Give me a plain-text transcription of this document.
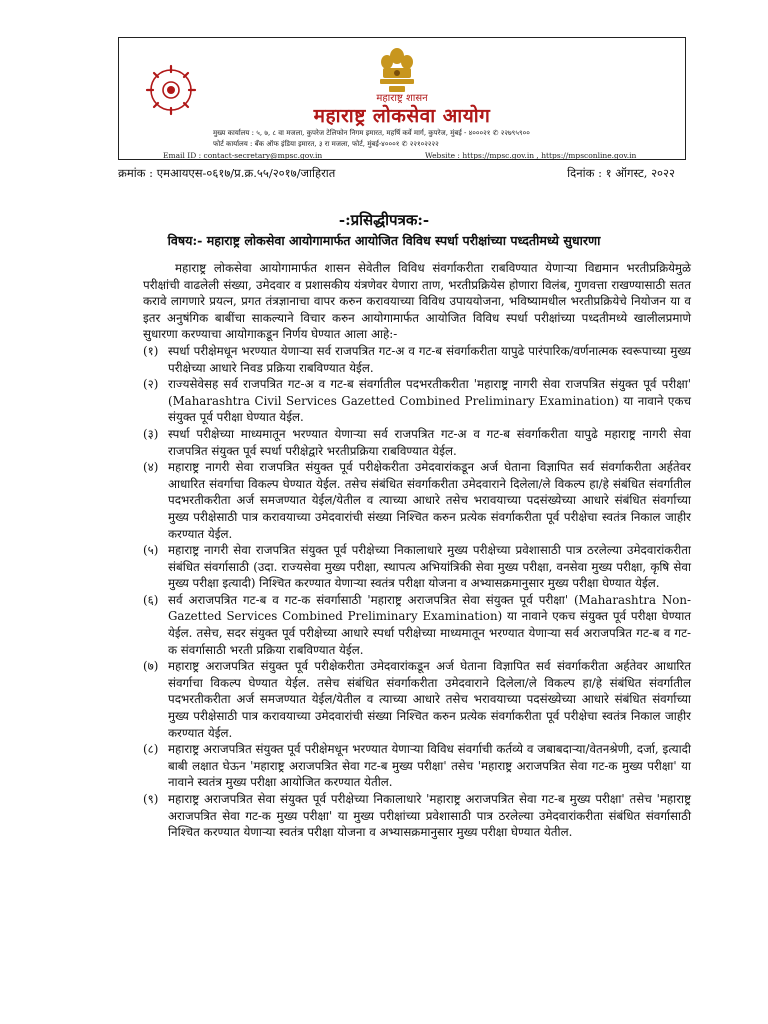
महाराष्ट्र शासन
महाराष्ट्र लोकसेवा आयोग
मुख्य कार्यालय : ५, ७, ८ वा मजला, कुपरेज टेलिफोन निगम इमारत, महर्षि कर्वे मार्ग, कुपरेज, मुंबई - ४०००२१ ✆ २२७९५९००
फोर्ट कार्यालय : बँक ऑफ इंडिया इमारत, ३ रा मजला, फोर्ट, मुंबई-४०००१ ✆ २२१०२२२२
Email ID : contact-secretary@mpsc.gov.in	Website : https://mpsc.gov.in , https://mpsconline.gov.in
क्रमांक : एमआयएस-०६१७/प्र.क्र.५५/२०१७/जाहिरात	दिनांक : १ ऑगस्ट, २०२२
-:प्रसिद्धीपत्रक:-
विषय:- महाराष्ट्र लोकसेवा आयोगामार्फत आयोजित विविध स्पर्धा परीक्षांच्या पध्दतीमध्ये सुधारणा

महाराष्ट्र लोकसेवा आयोगामार्फत शासन सेवेतील विविध संवर्गाकरीता राबविण्यात येणाऱ्या विद्यमान भरतीप्रक्रियेमुळे परीक्षांची वाढलेली संख्या, उमेदवार व प्रशासकीय यंत्रणेवर येणारा ताण, भरतीप्रक्रियेस होणारा विलंब, गुणवत्ता राखण्यासाठी सतत करावे लागणारे प्रयत्न, प्रगत तंत्रज्ञानाचा वापर करुन करावयाच्या विविध उपाययोजना, भविष्यामधील भरतीप्रक्रियेचे नियोजन या व इतर अनुषंगिक बाबींचा साकल्याने विचार करुन आयोगामार्फत आयोजित विविध स्पर्धा परीक्षांच्या पध्दतीमध्ये खालीलप्रमाणे सुधारणा करण्याचा आयोगाकडून निर्णय घेण्यात आला आहे:-

(१) स्पर्धा परीक्षेमधून भरण्यात येणाऱ्या सर्व राजपत्रित गट-अ व गट-ब संवर्गाकरीता यापुढे पारंपारिक/वर्णनात्मक स्वरूपाच्या मुख्य परीक्षेच्या आधारे निवड प्रक्रिया राबविण्यात येईल.

(२) राज्यसेवेसह सर्व राजपत्रित गट-अ व गट-ब संवर्गातील पदभरतीकरीता 'महाराष्ट्र नागरी सेवा राजपत्रित संयुक्त पूर्व परीक्षा' (Maharashtra Civil Services Gazetted Combined Preliminary Examination) या नावाने एकच संयुक्त पूर्व परीक्षा घेण्यात येईल.

(३) स्पर्धा परीक्षेच्या माध्यमातून भरण्यात येणाऱ्या सर्व राजपत्रित गट-अ व गट-ब संवर्गाकरीता यापुढे महाराष्ट्र नागरी सेवा राजपत्रित संयुक्त पूर्व स्पर्धा परीक्षेद्वारे भरतीप्रक्रिया राबविण्यात येईल.

(४) महाराष्ट्र नागरी सेवा राजपत्रित संयुक्त पूर्व परीक्षेकरीता उमेदवारांकडून अर्ज घेताना विज्ञापित सर्व संवर्गाकरीता अर्हतेवर आधारित संवर्गाचा विकल्प घेण्यात येईल. तसेच संबंधित संवर्गाकरीता उमेदवाराने दिलेला/ले विकल्प हा/हे संबंधित संवर्गातील पदभरतीकरीता अर्ज समजण्यात येईल/येतील व त्याच्या आधारे तसेच भरावयाच्या पदसंख्येच्या आधारे संबंधित संवर्गाच्या मुख्य परीक्षेसाठी पात्र करावयाच्या उमेदवारांची संख्या निश्चित करुन प्रत्येक संवर्गाकरीता पूर्व परीक्षेचा स्वतंत्र निकाल जाहीर करण्यात येईल.

(५) महाराष्ट्र नागरी सेवा राजपत्रित संयुक्त पूर्व परीक्षेच्या निकालाधारे मुख्य परीक्षेच्या प्रवेशासाठी पात्र ठरलेल्या उमेदवारांकरीता संबंधित संवर्गासाठी (उदा. राज्यसेवा मुख्य परीक्षा, स्थापत्य अभियांत्रिकी सेवा मुख्य परीक्षा, वनसेवा मुख्य परीक्षा, कृषि सेवा मुख्य परीक्षा इत्यादी) निश्चित करण्यात येणाऱ्या स्वतंत्र परीक्षा योजना व अभ्यासक्रमानुसार मुख्य परीक्षा घेण्यात येईल.

(६) सर्व अराजपत्रित गट-ब व गट-क संवर्गासाठी 'महाराष्ट्र अराजपत्रित सेवा संयुक्त पूर्व परीक्षा' (Maharashtra Non-Gazetted Services Combined Preliminary Examination) या नावाने एकच संयुक्त पूर्व परीक्षा घेण्यात येईल. तसेच, सदर संयुक्त पूर्व परीक्षेच्या आधारे स्पर्धा परीक्षेच्या माध्यमातून भरण्यात येणाऱ्या सर्व अराजपत्रित गट-ब व गट-क संवर्गासाठी भरती प्रक्रिया राबविण्यात येईल.

(७) महाराष्ट्र अराजपत्रित संयुक्त पूर्व परीक्षेकरीता उमेदवारांकडून अर्ज घेताना विज्ञापित सर्व संवर्गाकरीता अर्हतेवर आधारित संवर्गाचा विकल्प घेण्यात येईल. तसेच संबंधित संवर्गाकरीता उमेदवाराने दिलेला/ले विकल्प हा/हे संबंधित संवर्गातील पदभरतीकरीता अर्ज समजण्यात येईल/येतील व त्याच्या आधारे तसेच भरावयाच्या पदसंख्येच्या आधारे संबंधित संवर्गाच्या मुख्य परीक्षेसाठी पात्र करावयाच्या उमेदवारांची संख्या निश्चित करुन प्रत्येक संवर्गाकरीता पूर्व परीक्षेचा स्वतंत्र निकाल जाहीर करण्यात येईल.

(८) महाराष्ट्र अराजपत्रित संयुक्त पूर्व परीक्षेमधून भरण्यात येणाऱ्या विविध संवर्गाची कर्तव्ये व जबाबदाऱ्या/वेतनश्रेणी, दर्जा, इत्यादी बाबी लक्षात घेऊन 'महाराष्ट्र अराजपत्रित सेवा गट-ब मुख्य परीक्षा' तसेच 'महाराष्ट्र अराजपत्रित सेवा गट-क मुख्य परीक्षा' या नावाने स्वतंत्र मुख्य परीक्षा आयोजित करण्यात येतील.

(९) महाराष्ट्र अराजपत्रित सेवा संयुक्त पूर्व परीक्षेच्या निकालाधारे 'महाराष्ट्र अराजपत्रित सेवा गट-ब मुख्य परीक्षा' तसेच 'महाराष्ट्र अराजपत्रित सेवा गट-क मुख्य परीक्षा' या मुख्य परीक्षांच्या प्रवेशासाठी पात्र ठरलेल्या उमेदवारांकरीता संबंधित संवर्गासाठी निश्चित करण्यात येणाऱ्या स्वतंत्र परीक्षा योजना व अभ्यासक्रमानुसार मुख्य परीक्षा घेण्यात येतील.
